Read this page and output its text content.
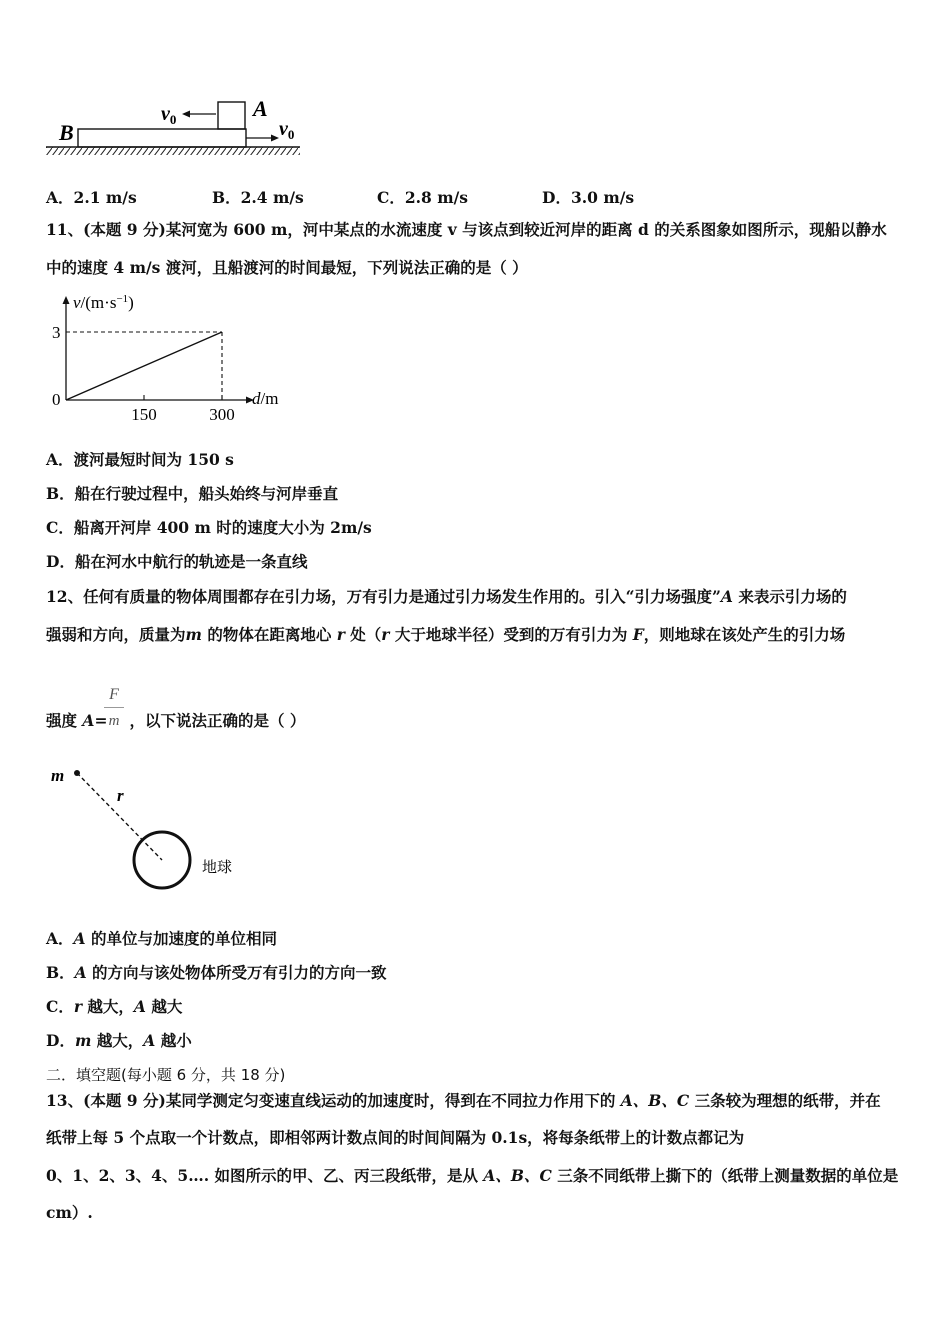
B
A
$v_0$	$v_0$
A．2.1 m/s	B．2.4 m/s	C．2.8 m/s	D．3.0 m/s
11、(本题 9 分)某河宽为 600 m，河中某点的水流速度 v 与该点到较近河岸的距离 d 的关系图象如图所示，现船以静水
中的速度 4 m/s 渡河，且船渡河的时间最短，下列说法正确的是（ ）
$v/(m\cdot s^{-1})$
d/m
0
3
150	300
A．渡河最短时间为 150 s
B．船在行驶过程中，船头始终与河岸垂直
C．船离开河岸 400 m 时的速度大小为 2m/s
D．船在河水中航行的轨迹是一条直线
12、任何有质量的物体周围都存在引力场，万有引力是通过引力场发生作用的。引入“引力场强度”A 来表示引力场的
强弱和方向，质量为m 的物体在距离地心 r 处（r 大于地球半径）受到的万有引力为 F，则地球在该处产生的引力场
强度 A= ，以下说法正确的是（ ）
F
m
m
r
地球
A．A 的单位与加速度的单位相同
B．A 的方向与该处物体所受万有引力的方向一致
C．r 越大，A 越大
D．m 越大，A 越小
二．填空题(每小题 6 分，共 18 分)
13、(本题 9 分)某同学测定匀变速直线运动的加速度时，得到在不同拉力作用下的 A、B、C 三条较为理想的纸带，并在
纸带上每 5 个点取一个计数点，即相邻两计数点间的时间间隔为 0.1s，将每条纸带上的计数点都记为
0、1、2、3、4、5…. 如图所示的甲、乙、丙三段纸带，是从 A、B、C 三条不同纸带上撕下的（纸带上测量数据的单位是
cm）.
